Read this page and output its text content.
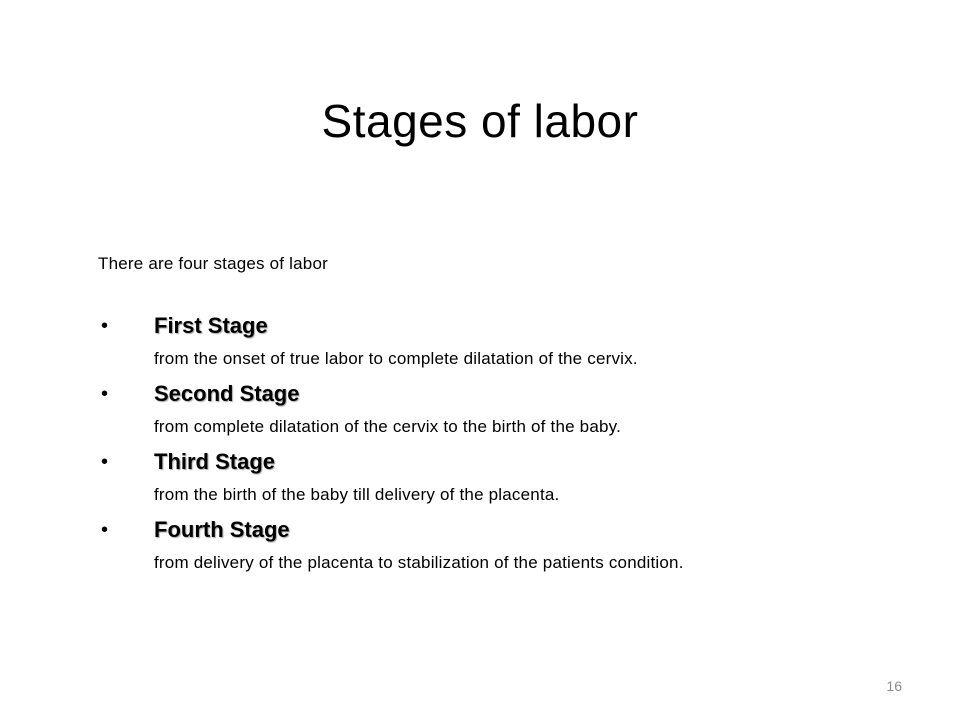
Stages of labor
There are four stages of labor
• First Stage
from the onset of true labor to complete dilatation of the cervix.
• Second Stage
from complete dilatation of the cervix to the birth of the baby.
• Third Stage
from the birth of the baby till delivery of the placenta.
• Fourth Stage
from delivery of the placenta to stabilization of the patients condition.
16
